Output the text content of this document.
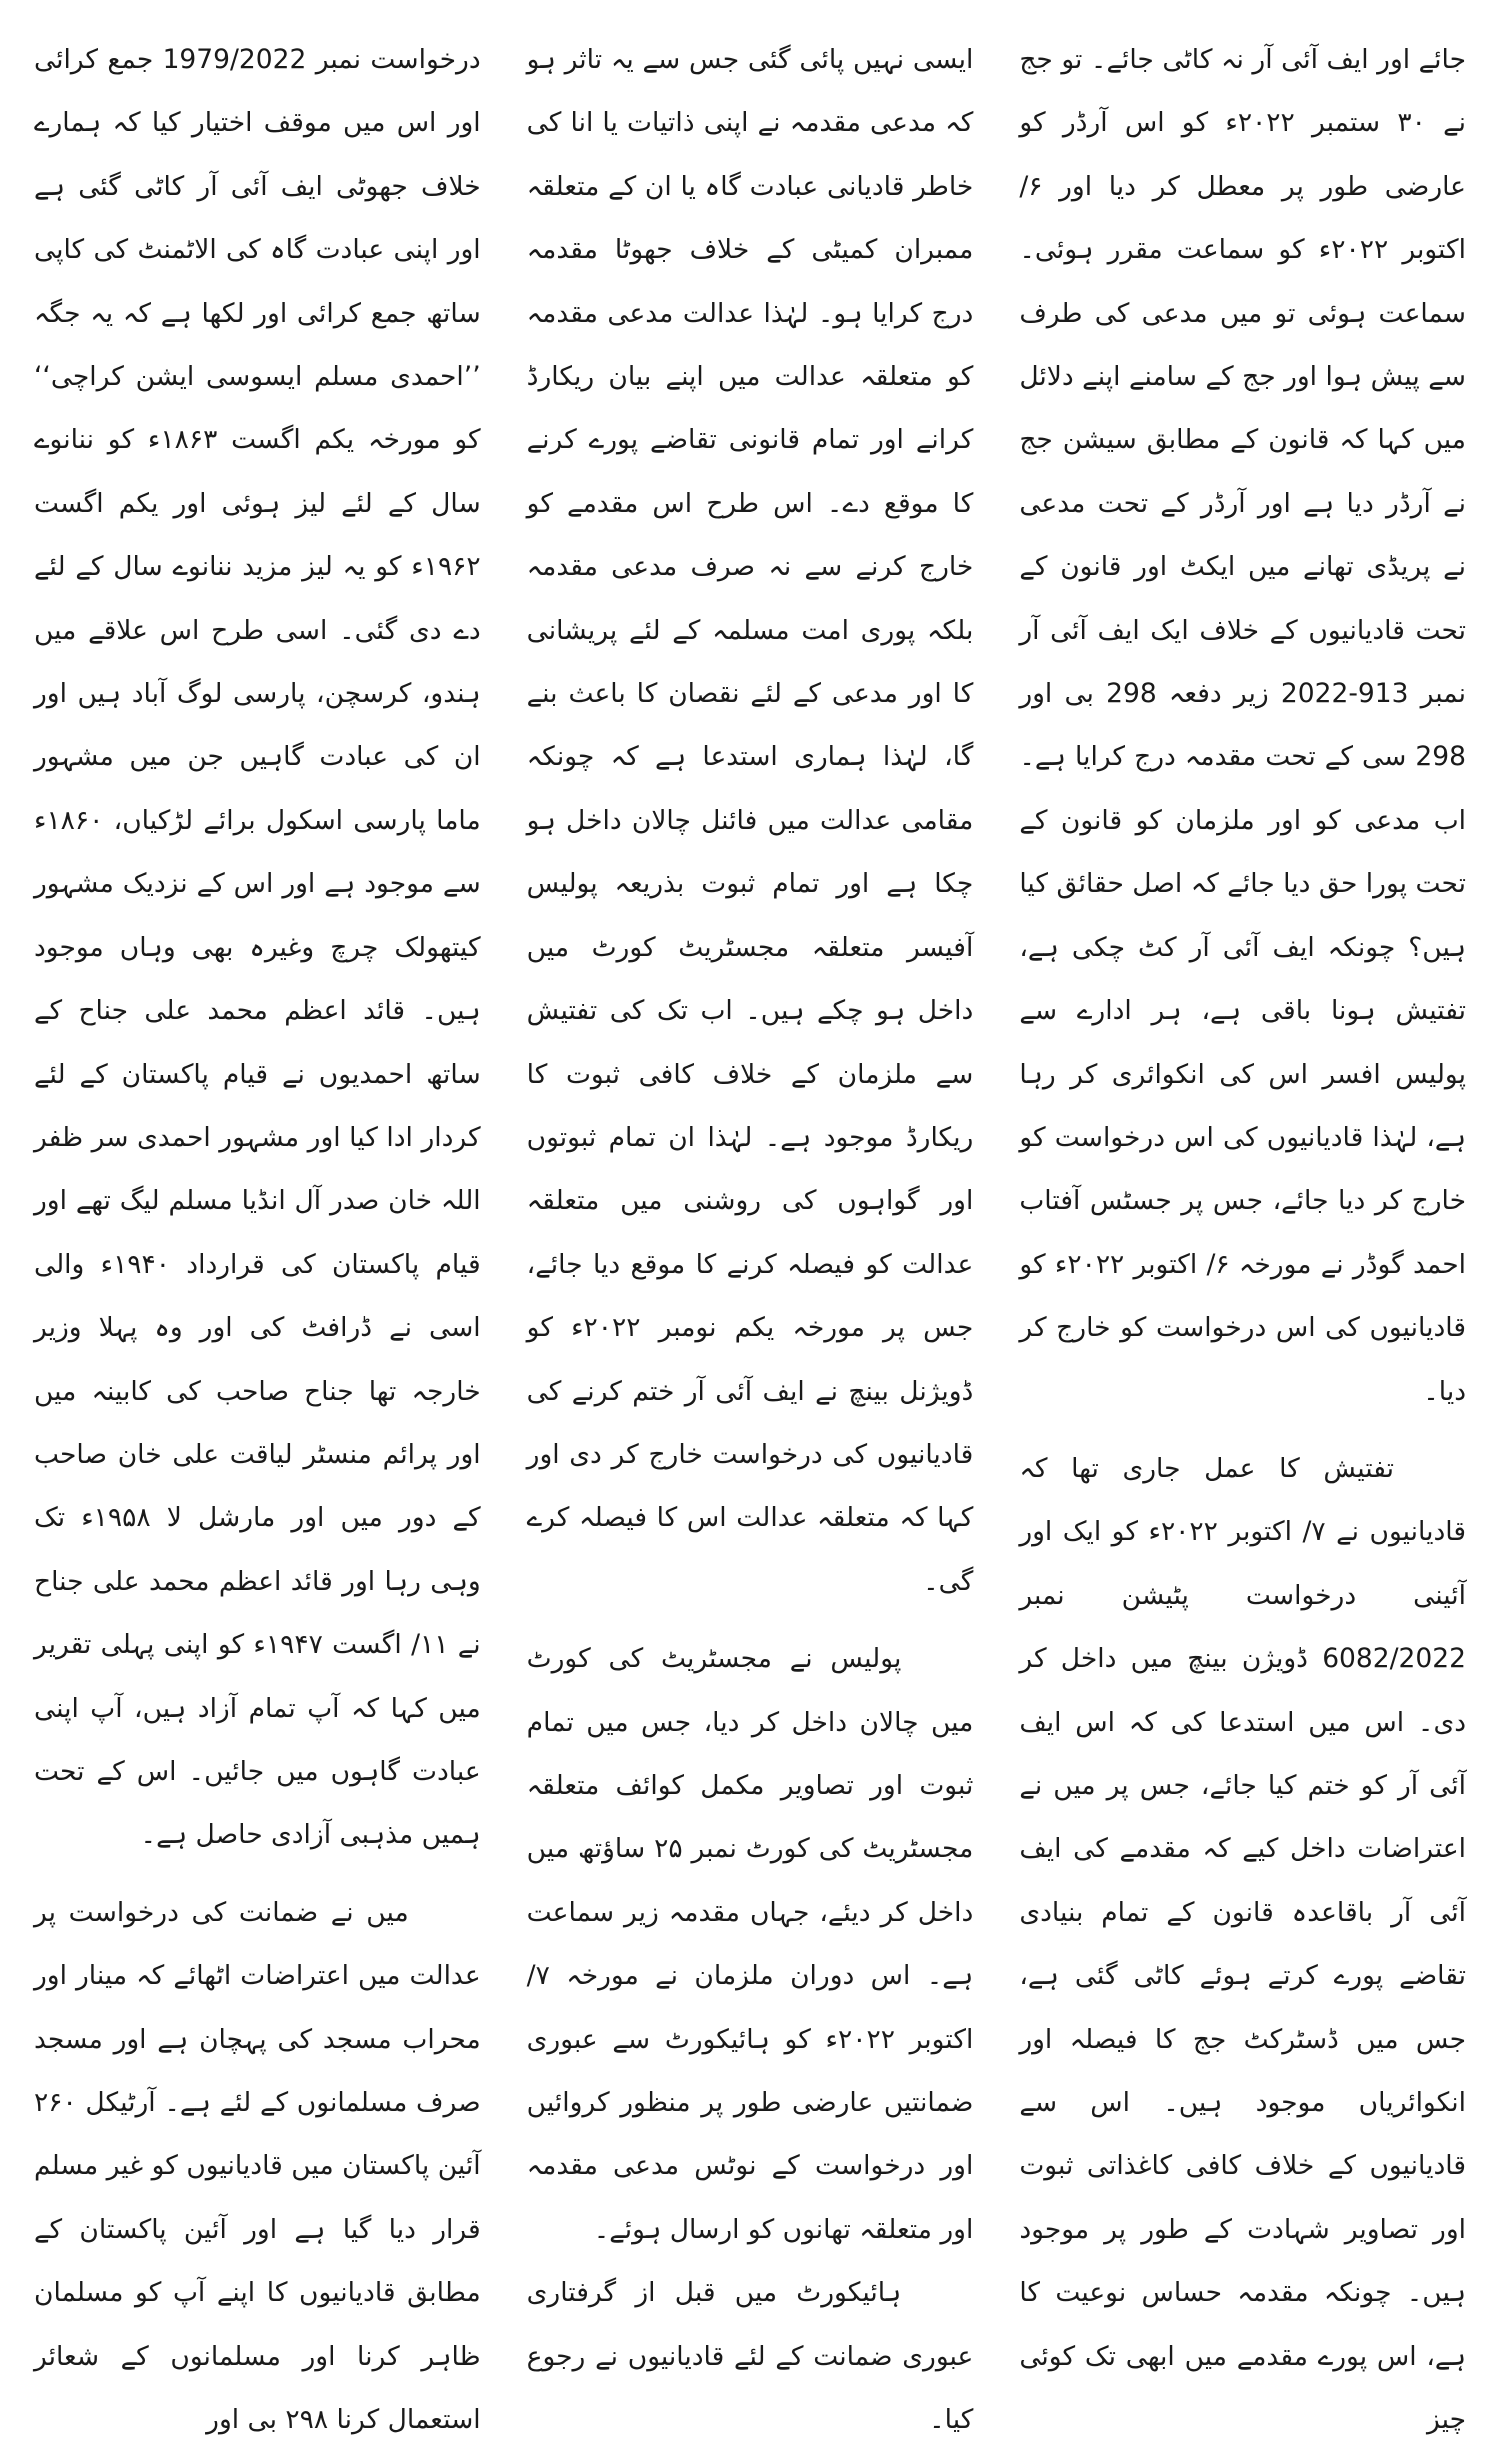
جائے اور ایف آئی آر نہ کاٹی جائے۔ تو جج نے ۳۰ ستمبر ۲۰۲۲ء کو اس آرڈر کو عارضی طور پر معطل کر دیا اور ۶/ اکتوبر ۲۰۲۲ء کو سماعت مقرر ہوئی۔ سماعت ہوئی تو میں مدعی کی طرف سے پیش ہوا اور جج کے سامنے اپنے دلائل میں کہا کہ قانون کے مطابق سیشن جج نے آرڈر دیا ہے اور آرڈر کے تحت مدعی نے پریڈی تھانے میں ایکٹ اور قانون کے تحت قادیانیوں کے خلاف ایک ایف آئی آر نمبر 913-2022 زیر دفعہ 298 بی اور 298 سی کے تحت مقدمہ درج کرایا ہے۔ اب مدعی کو اور ملزمان کو قانون کے تحت پورا حق دیا جائے کہ اصل حقائق کیا ہیں؟ چونکہ ایف آئی آر کٹ چکی ہے، تفتیش ہونا باقی ہے، ہر ادارے سے پولیس افسر اس کی انکوائری کر رہا ہے، لہٰذا قادیانیوں کی اس درخواست کو خارج کر دیا جائے، جس پر جسٹس آفتاب احمد گوڈر نے مورخہ ۶/ اکتوبر ۲۰۲۲ء کو قادیانیوں کی اس درخواست کو خارج کر دیا۔

تفتیش کا عمل جاری تھا کہ قادیانیوں نے ۷/ اکتوبر ۲۰۲۲ء کو ایک اور آئینی درخواست پٹیشن نمبر 6082/2022 ڈویژن بینچ میں داخل کر دی۔ اس میں استدعا کی کہ اس ایف آئی آر کو ختم کیا جائے، جس پر میں نے اعتراضات داخل کیے کہ مقدمے کی ایف آئی آر باقاعدہ قانون کے تمام بنیادی تقاضے پورے کرتے ہوئے کاٹی گئی ہے، جس میں ڈسٹرکٹ جج کا فیصلہ اور انکوائریاں موجود ہیں۔ اس سے قادیانیوں کے خلاف کافی کاغذاتی ثبوت اور تصاویر شہادت کے طور پر موجود ہیں۔ چونکہ مقدمہ حساس نوعیت کا ہے، اس پورے مقدمے میں ابھی تک کوئی چیز

ایسی نہیں پائی گئی جس سے یہ تاثر ہو کہ مدعی مقدمہ نے اپنی ذاتیات یا انا کی خاطر قادیانی عبادت گاہ یا ان کے متعلقہ ممبران کمیٹی کے خلاف جھوٹا مقدمہ درج کرایا ہو۔ لہٰذا عدالت مدعی مقدمہ کو متعلقہ عدالت میں اپنے بیان ریکارڈ کرانے اور تمام قانونی تقاضے پورے کرنے کا موقع دے۔ اس طرح اس مقدمے کو خارج کرنے سے نہ صرف مدعی مقدمہ بلکہ پوری امت مسلمہ کے لئے پریشانی کا اور مدعی کے لئے نقصان کا باعث بنے گا، لہٰذا ہماری استدعا ہے کہ چونکہ مقامی عدالت میں فائنل چالان داخل ہو چکا ہے اور تمام ثبوت بذریعہ پولیس آفیسر متعلقہ مجسٹریٹ کورٹ میں داخل ہو چکے ہیں۔ اب تک کی تفتیش سے ملزمان کے خلاف کافی ثبوت کا ریکارڈ موجود ہے۔ لہٰذا ان تمام ثبوتوں اور گواہوں کی روشنی میں متعلقہ عدالت کو فیصلہ کرنے کا موقع دیا جائے، جس پر مورخہ یکم نومبر ۲۰۲۲ء کو ڈویژنل بینچ نے ایف آئی آر ختم کرنے کی قادیانیوں کی درخواست خارج کر دی اور کہا کہ متعلقہ عدالت اس کا فیصلہ کرے گی۔

پولیس نے مجسٹریٹ کی کورٹ میں چالان داخل کر دیا، جس میں تمام ثبوت اور تصاویر مکمل کوائف متعلقہ مجسٹریٹ کی کورٹ نمبر ۲۵ ساؤتھ میں داخل کر دیئے، جہاں مقدمہ زیر سماعت ہے۔ اس دوران ملزمان نے مورخہ ۷/ اکتوبر ۲۰۲۲ء کو ہائیکورٹ سے عبوری ضمانتیں عارضی طور پر منظور کروائیں اور درخواست کے نوٹس مدعی مقدمہ اور متعلقہ تھانوں کو ارسال ہوئے۔

ہائیکورٹ میں قبل از گرفتاری عبوری ضمانت کے لئے قادیانیوں نے رجوع کیا۔

درخواست نمبر 1979/2022 جمع کرائی اور اس میں موقف اختیار کیا کہ ہمارے خلاف جھوٹی ایف آئی آر کاٹی گئی ہے اور اپنی عبادت گاہ کی الاٹمنٹ کی کاپی ساتھ جمع کرائی اور لکھا ہے کہ یہ جگہ ’’احمدی مسلم ایسوسی ایشن کراچی‘‘ کو مورخہ یکم اگست ۱۸۶۳ء کو ننانوے سال کے لئے لیز ہوئی اور یکم اگست ۱۹۶۲ء کو یہ لیز مزید ننانوے سال کے لئے دے دی گئی۔ اسی طرح اس علاقے میں ہندو، کرسچن، پارسی لوگ آباد ہیں اور ان کی عبادت گاہیں جن میں مشہور ماما پارسی اسکول برائے لڑکیاں، ۱۸۶۰ء سے موجود ہے اور اس کے نزدیک مشہور کیتھولک چرچ وغیرہ بھی وہاں موجود ہیں۔ قائد اعظم محمد علی جناح کے ساتھ احمدیوں نے قیام پاکستان کے لئے کردار ادا کیا اور مشہور احمدی سر ظفر اللہ خان صدر آل انڈیا مسلم لیگ تھے اور قیام پاکستان کی قرارداد ۱۹۴۰ء والی اسی نے ڈرافٹ کی اور وہ پہلا وزیر خارجہ تھا جناح صاحب کی کابینہ میں اور پرائم منسٹر لیاقت علی خان صاحب کے دور میں اور مارشل لا ۱۹۵۸ء تک وہی رہا اور قائد اعظم محمد علی جناح نے ۱۱/ اگست ۱۹۴۷ء کو اپنی پہلی تقریر میں کہا کہ آپ تمام آزاد ہیں، آپ اپنی عبادت گاہوں میں جائیں۔ اس کے تحت ہمیں مذہبی آزادی حاصل ہے۔

میں نے ضمانت کی درخواست پر عدالت میں اعتراضات اٹھائے کہ مینار اور محراب مسجد کی پہچان ہے اور مسجد صرف مسلمانوں کے لئے ہے۔ آرٹیکل ۲۶۰ آئین پاکستان میں قادیانیوں کو غیر مسلم قرار دیا گیا ہے اور آئین پاکستان کے مطابق قادیانیوں کا اپنے آپ کو مسلمان ظاہر کرنا اور مسلمانوں کے شعائر استعمال کرنا ۲۹۸ بی اور
